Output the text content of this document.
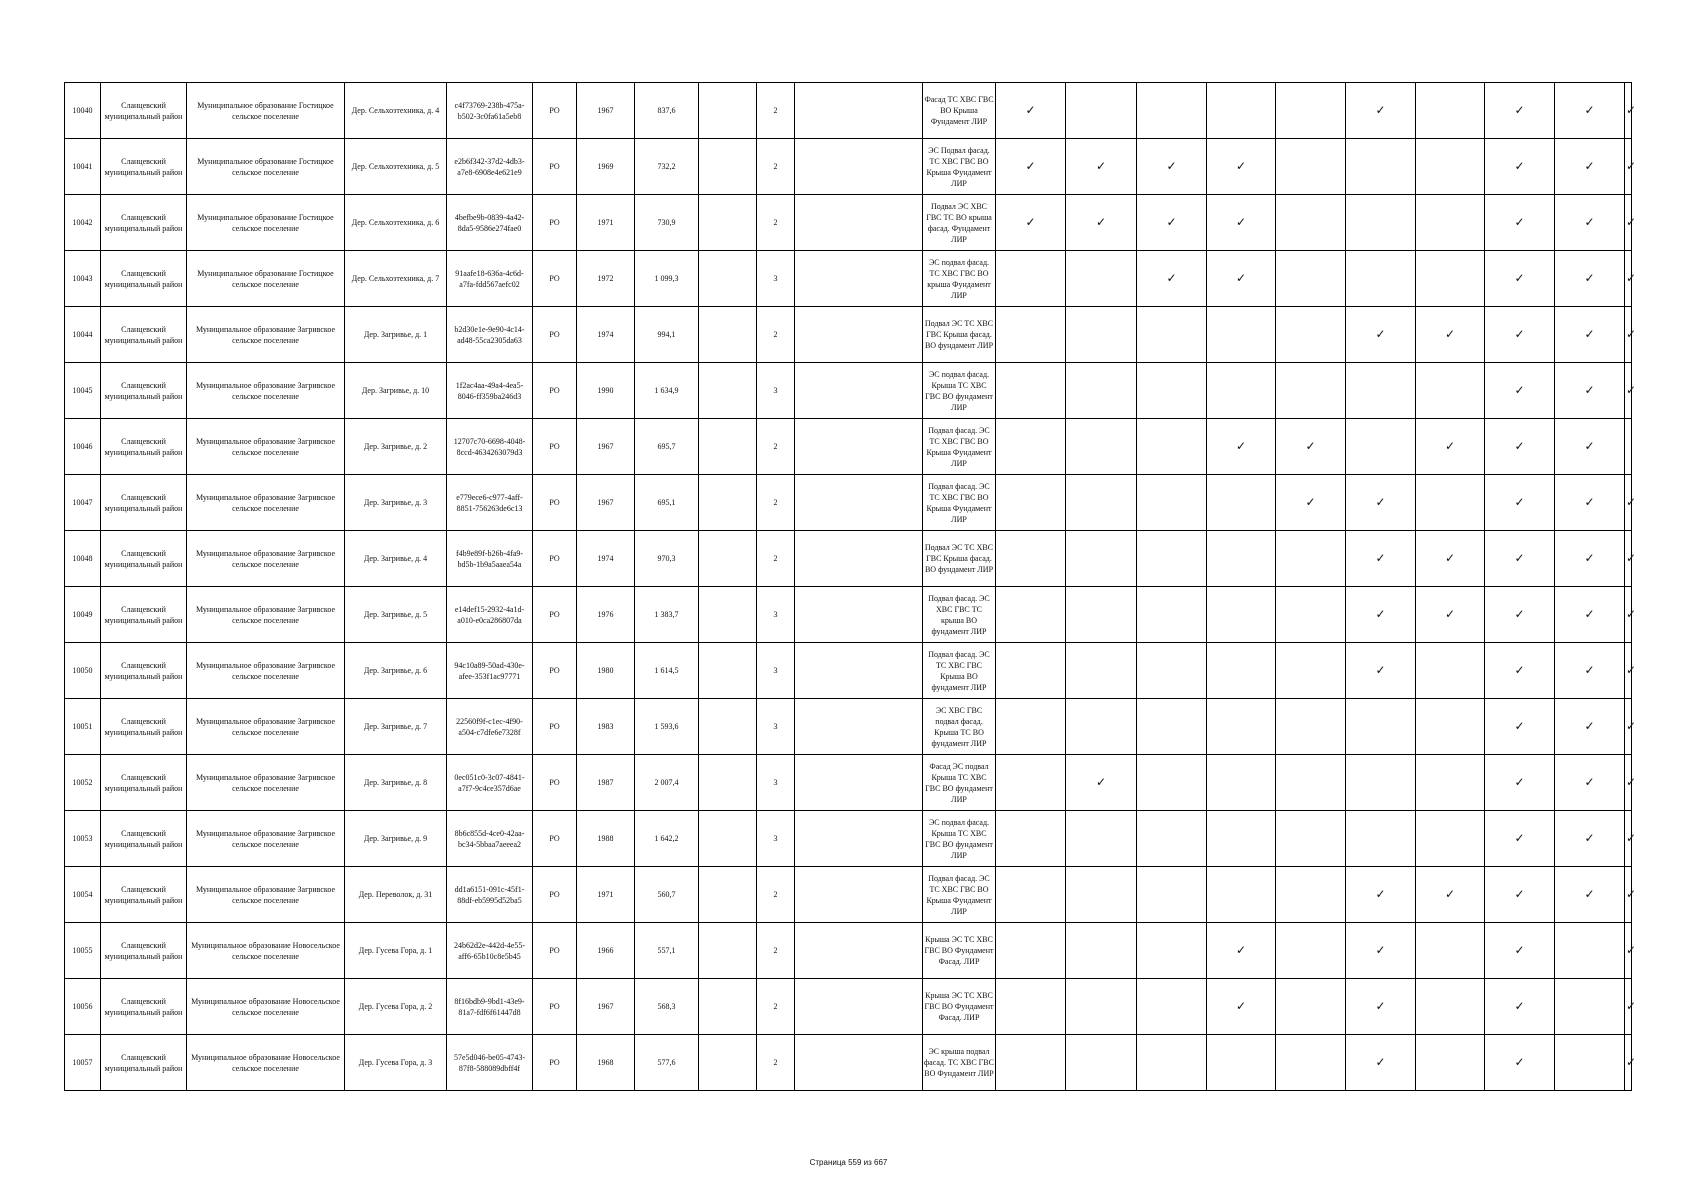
10040	Сланцевский муниципальный район	Муниципальное образование Гостицкое сельское поселение	Дер. Сельхозтехника, д. 4	c4f73769-238b-475a-b502-3c0fa61a5eb8	РО	1967	837,6		2		Фасад ТС ХВС ГВС ВО Крыша Фундамент ЛИР	✓					✓		✓	✓	✓
10041	Сланцевский муниципальный район	Муниципальное образование Гостицкое сельское поселение	Дер. Сельхозтехника, д. 5	e2b6f342-37d2-4db3-a7e8-6908e4e621e9	РО	1969	732,2		2		ЭС Подвал фасад. ТС ХВС ГВС ВО Крыша Фундамент ЛИР	✓	✓	✓	✓				✓	✓	✓
10042	Сланцевский муниципальный район	Муниципальное образование Гостицкое сельское поселение	Дер. Сельхозтехника, д. 6	4befbe9b-0839-4a42-8da5-9586e274fae0	РО	1971	730,9		2		Подвал ЭС ХВС ГВС ТС ВО крыша фасад. Фундамент ЛИР	✓	✓	✓	✓				✓	✓	✓
10043	Сланцевский муниципальный район	Муниципальное образование Гостицкое сельское поселение	Дер. Сельхозтехника, д. 7	91aafe18-636a-4c6d-a7fa-fdd567aefc02	РО	1972	1 099,3		3		ЭС подвал фасад. ТС ХВС ГВС ВО крыша Фундамент ЛИР			✓	✓				✓	✓	✓
10044	Сланцевский муниципальный район	Муниципальное образование Загривское сельское поселение	Дер. Загривье, д. 1	b2d30e1e-9e90-4c14-ad48-55ca2305da63	РО	1974	994,1		2		Подвал ЭС ТС ХВС ГВС Крыша фасад. ВО фундамент ЛИР						✓	✓	✓	✓	✓
10045	Сланцевский муниципальный район	Муниципальное образование Загривское сельское поселение	Дер. Загривье, д. 10	1f2ac4aa-49a4-4ea5-8046-ff359ba246d3	РО	1990	1 634,9		3		ЭС подвал фасад. Крыша ТС ХВС ГВС ВО фундамент ЛИР								✓	✓	✓
10046	Сланцевский муниципальный район	Муниципальное образование Загривское сельское поселение	Дер. Загривье, д. 2	12707c70-6698-4048-8ccd-4634263079d3	РО	1967	695,7		2		Подвал фасад. ЭС ТС ХВС ГВС ВО Крыша Фундамент ЛИР				✓	✓		✓	✓	✓	
10047	Сланцевский муниципальный район	Муниципальное образование Загривское сельское поселение	Дер. Загривье, д. 3	e779ece6-c977-4aff-8851-756263de6c13	РО	1967	695,1		2		Подвал фасад. ЭС ТС ХВС ГВС ВО Крыша Фундамент ЛИР					✓	✓		✓	✓	✓
10048	Сланцевский муниципальный район	Муниципальное образование Загривское сельское поселение	Дер. Загривье, д. 4	f4b9e89f-b26b-4fa9-bd5b-1b9a5aaea54a	РО	1974	970,3		2		Подвал ЭС ТС ХВС ГВС Крыша фасад. ВО фундамент ЛИР						✓	✓	✓	✓	✓
10049	Сланцевский муниципальный район	Муниципальное образование Загривское сельское поселение	Дер. Загривье, д. 5	e14def15-2932-4a1d-a010-e0ca286807da	РО	1976	1 383,7		3		Подвал фасад. ЭС ХВС ГВС ТС крыша ВО фундамент ЛИР						✓	✓	✓	✓	✓
10050	Сланцевский муниципальный район	Муниципальное образование Загривское сельское поселение	Дер. Загривье, д. 6	94c10a89-50ad-430e-afee-353f1ac97771	РО	1980	1 614,5		3		Подвал фасад. ЭС ТС ХВС ГВС Крыша ВО фундамент ЛИР						✓		✓	✓	✓
10051	Сланцевский муниципальный район	Муниципальное образование Загривское сельское поселение	Дер. Загривье, д. 7	22560f9f-c1ec-4f90-a504-c7dfe6e7328f	РО	1983	1 593,6		3		ЭС ХВС ГВС подвал фасад. Крыша ТС ВО фундамент ЛИР								✓	✓	✓
10052	Сланцевский муниципальный район	Муниципальное образование Загривское сельское поселение	Дер. Загривье, д. 8	0ec051c0-3c07-4841-a7f7-9c4ce357d6ae	РО	1987	2 007,4		3		Фасад ЭС подвал Крыша ТС ХВС ГВС ВО фундамент ЛИР		✓						✓	✓	✓
10053	Сланцевский муниципальный район	Муниципальное образование Загривское сельское поселение	Дер. Загривье, д. 9	8b6c855d-4ce0-42aa-bc34-5bbaa7aeeea2	РО	1988	1 642,2		3		ЭС подвал фасад. Крыша ТС ХВС ГВС ВО фундамент ЛИР								✓	✓	✓
10054	Сланцевский муниципальный район	Муниципальное образование Загривское сельское поселение	Дер. Переволок, д. 31	dd1a6151-091c-45f1-88df-eb5995d52ba5	РО	1971	560,7		2		Подвал фасад. ЭС ТС ХВС ГВС ВО Крыша Фундамент ЛИР						✓	✓	✓	✓	✓
10055	Сланцевский муниципальный район	Муниципальное образование Новосельское сельское поселение	Дер. Гусева Гора, д. 1	24b62d2e-442d-4e55-aff6-65b10c8e5b45	РО	1966	557,1		2		Крыша ЭС ТС ХВС ГВС ВО Фундамент Фасад. ЛИР				✓		✓		✓		✓
10056	Сланцевский муниципальный район	Муниципальное образование Новосельское сельское поселение	Дер. Гусева Гора, д. 2	8f16bdb9-9bd1-43e9-81a7-fdf6f61447d8	РО	1967	568,3		2		Крыша ЭС ТС ХВС ГВС ВО Фундамент Фасад. ЛИР				✓		✓		✓		✓
10057	Сланцевский муниципальный район	Муниципальное образование Новосельское сельское поселение	Дер. Гусева Гора, д. 3	57e5d046-be05-4743-87f8-588089dbff4f	РО	1968	577,6		2		ЭС крыша подвал фасад. ТС ХВС ГВС ВО Фундамент ЛИР						✓		✓		✓
Страница 559 из 667
